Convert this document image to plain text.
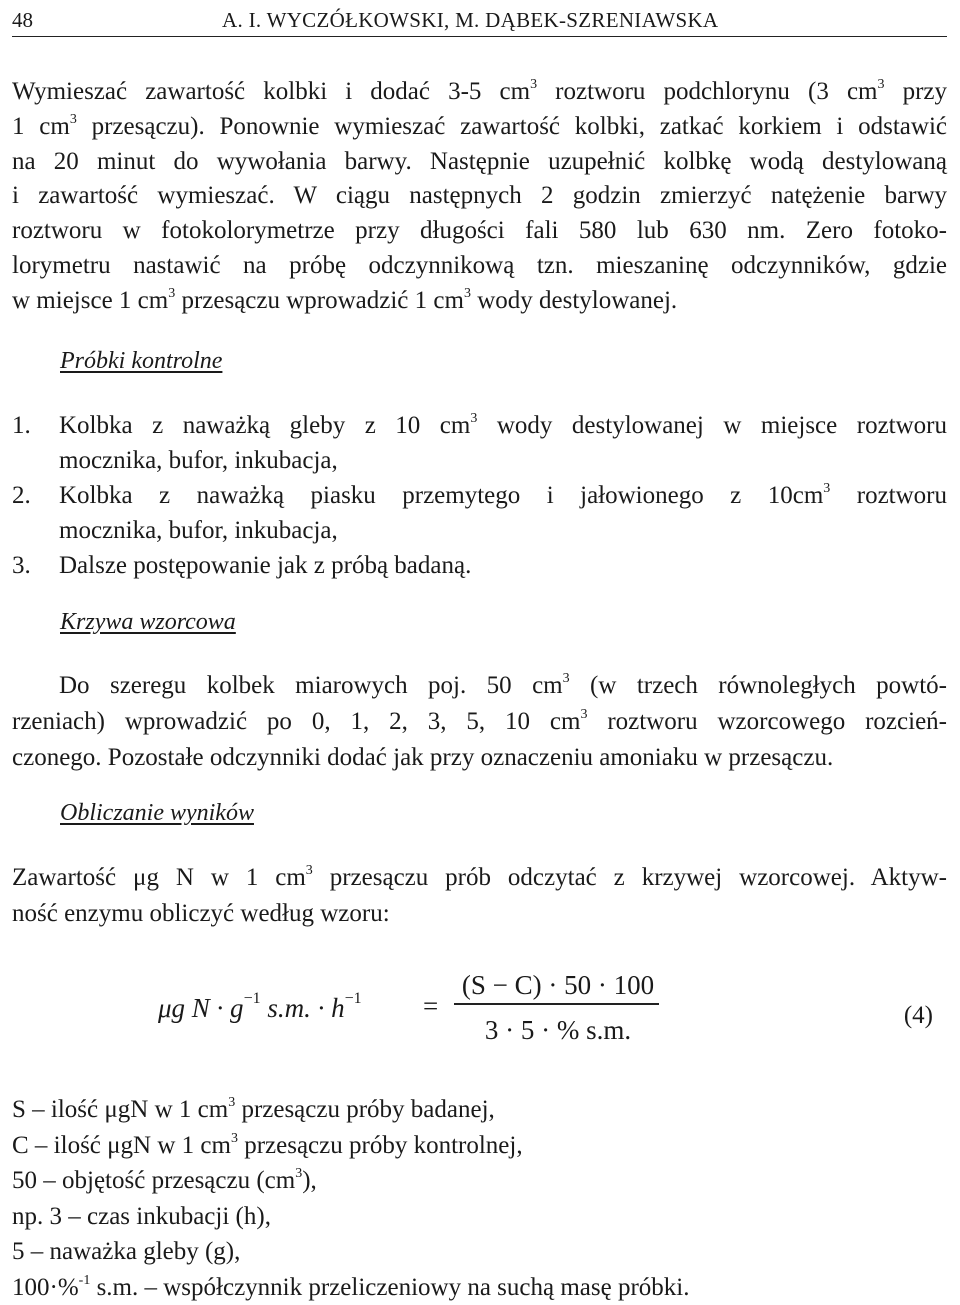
48	A. I. WYCZÓŁKOWSKI, M. DĄBEK-SZRENIAWSKA
Wymieszać zawartość kolbki i dodać 3-5 $cm^3$ roztworu podchlorynu (3 $cm^3$ przy
1 $cm^3$ przesączu). Ponownie wymieszać zawartość kolbki, zatkać korkiem i odstawić
na 20 minut do wywołania barwy. Następnie uzupełnić kolbkę wodą destylowaną
i zawartość wymieszać. W ciągu następnych 2 godzin zmierzyć natężenie barwy
roztworu w fotokolorymetrze przy długości fali 580 lub 630 nm. Zero fotoko-
lorymetru nastawić na próbę odczynnikową tzn. mieszaninę odczynników, gdzie
w miejsce 1 $cm^3$ przesączu wprowadzić 1 $cm^3$ wody destylowanej.
Próbki kontrolne
1. Kolbka z naważką gleby z 10 $cm^3$ wody destylowanej w miejsce roztworu
mocznika, bufor, inkubacja,
2. Kolbka z naważką piasku przemytego i jałowionego z $10cm^3$ roztworu
mocznika, bufor, inkubacja,
3. Dalsze postępowanie jak z próbą badaną.
Krzywa wzorcowa
Do szeregu kolbek miarowych poj. 50 $cm^3$ (w trzech równoległych powtó-
rzeniach) wprowadzić po 0, 1, 2, 3, 5, 10 $cm^3$ roztworu wzorcowego rozcień-
czonego. Pozostałe odczynniki dodać jak przy oznaczeniu amoniaku w przesączu.
Obliczanie wyników
Zawartość μg N w 1 $cm^3$ przesączu prób odczytać z krzywej wzorcowej. Aktyw-
ność enzymu obliczyć według wzoru:
μg $N \cdot g^{-1}$ s.m. · $h^{-1}$ =
(S − C) · 50 · 100
3 · 5 · % s.m.	(4)
S – ilość μgN w 1 $cm^3$ przesączu próby badanej,
C – ilość μgN w 1 $cm^3$ przesączu próby kontrolnej,
50 – objętość przesączu $(cm^3)$,
np. 3 – czas inkubacji (h),
5 – naważka gleby (g),
100·%$^{-1}$ s.m. – współczynnik przeliczeniowy na suchą masę próbki.
